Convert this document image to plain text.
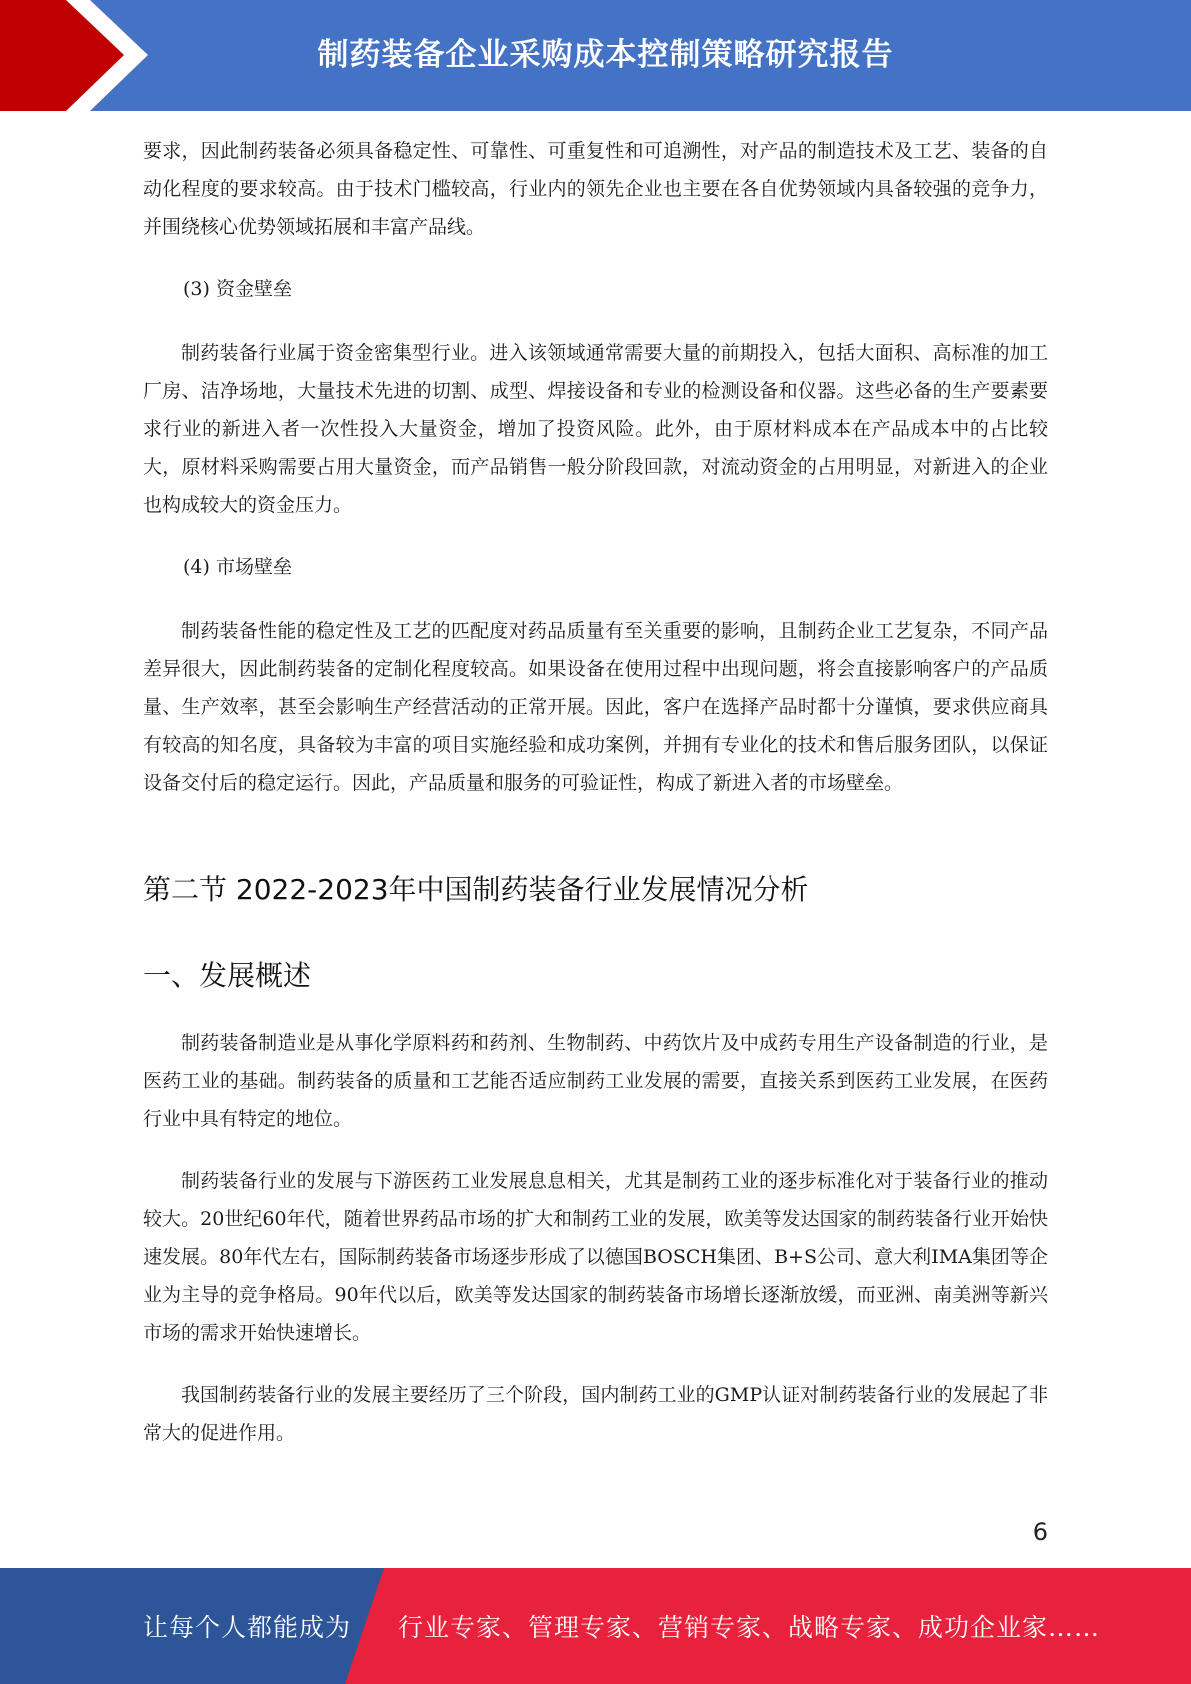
制药装备企业采购成本控制策略研究报告

要求，因此制药装备必须具备稳定性、可靠性、可重复性和可追溯性，对产品的制造技术及工艺、装备的自动化程度的要求较高。由于技术门槛较高，行业内的领先企业也主要在各自优势领域内具备较强的竞争力，并围绕核心优势领域拓展和丰富产品线。

(3) 资金壁垒

制药装备行业属于资金密集型行业。进入该领域通常需要大量的前期投入，包括大面积、高标准的加工厂房、洁净场地，大量技术先进的切割、成型、焊接设备和专业的检测设备和仪器。这些必备的生产要素要求行业的新进入者一次性投入大量资金，增加了投资风险。此外，由于原材料成本在产品成本中的占比较大，原材料采购需要占用大量资金，而产品销售一般分阶段回款，对流动资金的占用明显，对新进入的企业也构成较大的资金压力。

(4) 市场壁垒

制药装备性能的稳定性及工艺的匹配度对药品质量有至关重要的影响，且制药企业工艺复杂，不同产品差异很大，因此制药装备的定制化程度较高。如果设备在使用过程中出现问题，将会直接影响客户的产品质量、生产效率，甚至会影响生产经营活动的正常开展。因此，客户在选择产品时都十分谨慎，要求供应商具有较高的知名度，具备较为丰富的项目实施经验和成功案例，并拥有专业化的技术和售后服务团队，以保证设备交付后的稳定运行。因此，产品质量和服务的可验证性，构成了新进入者的市场壁垒。

第二节 2022-2023年中国制药装备行业发展情况分析
一、发展概述

制药装备制造业是从事化学原料药和药剂、生物制药、中药饮片及中成药专用生产设备制造的行业，是医药工业的基础。制药装备的质量和工艺能否适应制药工业发展的需要，直接关系到医药工业发展，在医药行业中具有特定的地位。

制药装备行业的发展与下游医药工业发展息息相关，尤其是制药工业的逐步标准化对于装备行业的推动较大。20世纪60年代，随着世界药品市场的扩大和制药工业的发展，欧美等发达国家的制药装备行业开始快速发展。80年代左右，国际制药装备市场逐步形成了以德国BOSCH集团、B+S公司、意大利IMA集团等企业为主导的竞争格局。90年代以后，欧美等发达国家的制药装备市场增长逐渐放缓，而亚洲、南美洲等新兴市场的需求开始快速增长。

我国制药装备行业的发展主要经历了三个阶段，国内制药工业的GMP认证对制药装备行业的发展起了非常大的促进作用。

6
让每个人都能成为 行业专家、管理专家、营销专家、战略专家、成功企业家……
